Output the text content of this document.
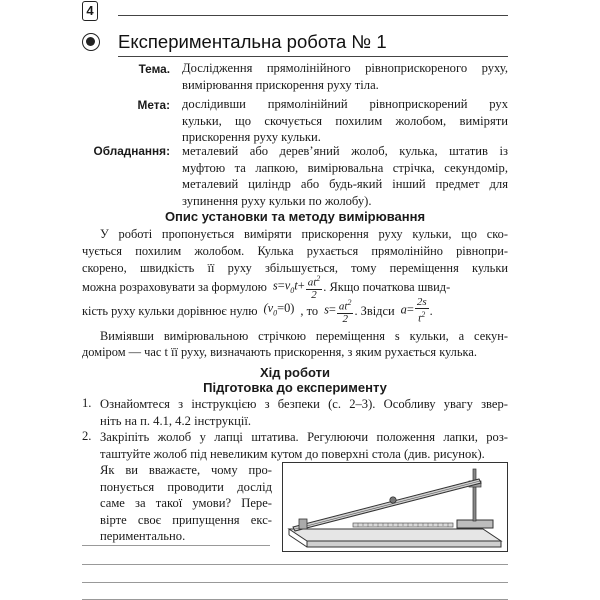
4
Експериментальна робота № 1
Тема. Дослідження прямолінійного рівноприскореного руху,
вимірювання прискорення руху тіла.
Мета: дослідивши прямолінійний рівноприскорений рух
кульки, що скочується похилим жолобом, виміряти
прискорення руху кульки.
Обладнання: металевий або дерев’яний жолоб, кулька, штатив із
муфтою та лапкою, вимірювальна стрічка, секундомір,
металевий циліндр або будь-який інший предмет для
зупинення руху кульки по жолобу).
Опис установки та методу вимірювання
У роботі пропонується виміряти прискорення руху кульки, що ско-
чується похилим жолобом. Кулька рухається прямолінійно рівнопри-
скорено, швидкість її руху збільшується, тому переміщення кульки
можна розраховувати за формулою $s=v_0t+ \frac{at^2}{2}$ . Якщо початкова швид-
кість руху кульки дорівнює нулю $(v_0=0)$ , то $s= \frac{at^2}{2}$ . Звідси $a= \frac{2s}{t^2}$ .
Виміявши вимірювальною стрічкою переміщення s кульки, а секун-
доміром — час t її руху, визначають прискорення, з яким рухається кулька.
Хід роботи
Підготовка до експерименту
1. Ознайомтеся з інструкцією з безпеки (с. 2–3). Особливу увагу звер-
ніть на п. 4.1, 4.2 інструкції.
2. Закріпіть жолоб у лапці штатива. Регулюючи положення лапки, роз-
таштуйте жолоб під невеликим кутом до поверхні стола (див. рисунок).
Як ви вважаєте, чому про-
понується проводити дослід
саме за такої умови? Пере-
вірте своє припущення екс-
периментально.
